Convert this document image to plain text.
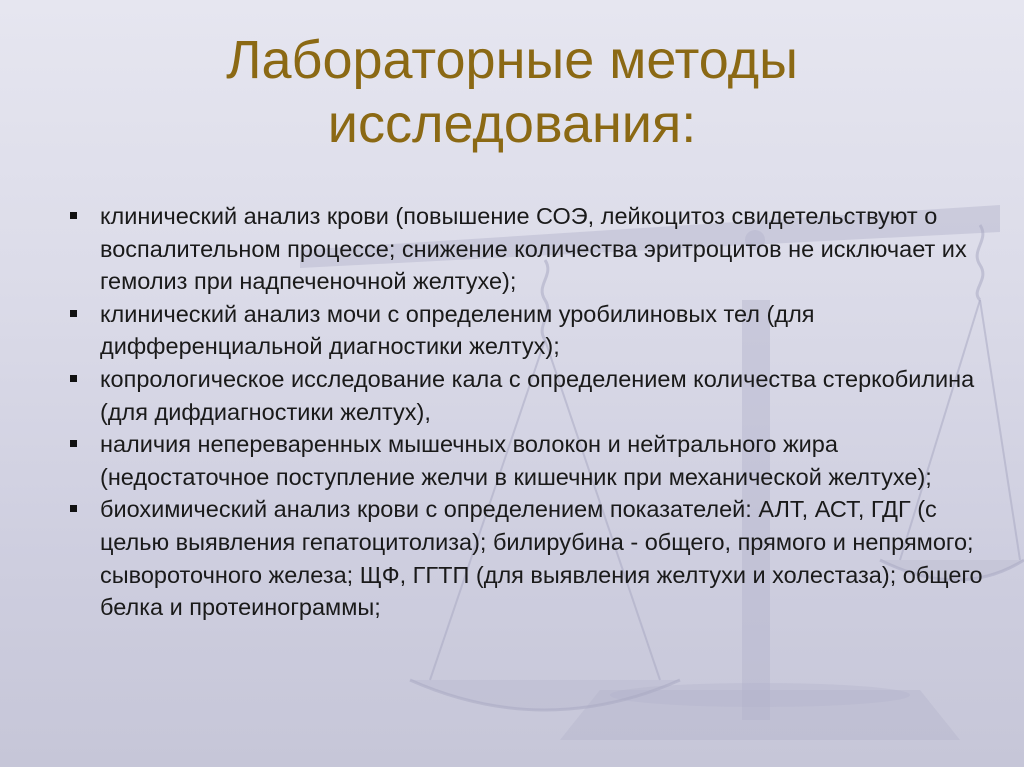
Лабораторные методы
исследования:
клинический анализ крови (повышение СОЭ, лейкоцитоз свидетельствуют о воспалительном процессе; снижение количества эритроцитов не исключает их гемолиз при надпеченочной желтухе);
клинический анализ мочи с определеним уробилиновых тел (для дифференциальной диагностики желтух);
копрологическое исследование кала с определением количества стеркобилина (для дифдиагностики желтух),
наличия непереваренных мышечных волокон и нейтрального жира (недостаточное поступление желчи в кишечник при механической желтухе);
биохимический анализ крови с определением показателей: АЛТ, АСТ, ГДГ (с целью выявления гепатоцитолиза); билирубина - общего, прямого и непрямого; сывороточного железа; ЩФ, ГГТП (для выявления желтухи и холестаза); общего белка и протеинограммы;
